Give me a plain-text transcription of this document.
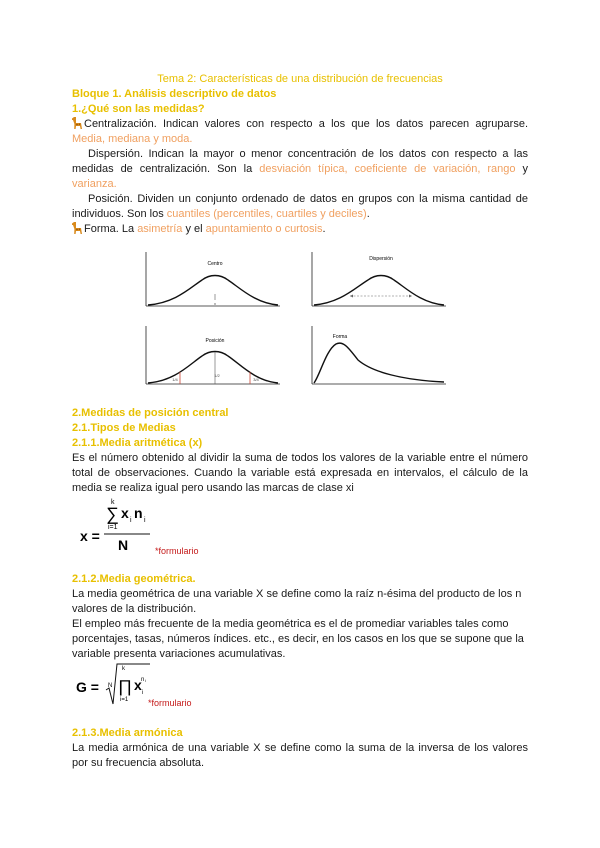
Tema 2: Características de una distribución de frecuencias
Bloque 1. Análisis descriptivo de datos
1.¿Qué son las medidas?
Centralización. Indican valores con respecto a los que los datos parecen agruparse. Media, mediana y moda.
Dispersión. Indican la mayor o menor concentración de los datos con respecto a las medidas de centralización. Son la desviación típica, coeficiente de variación, rango y varianza.
Posición. Dividen un conjunto ordenado de datos en grupos con la misma cantidad de individuos. Son los cuantiles (percentiles, cuartiles y deciles).
Forma. La asimetría y el apuntamiento o curtosis.
Centro
x
Dispersión
Posición
1/4
1/2
3/4
Forma
2.Medidas de posición central
2.1.Tipos de Medias
2.1.1.Media aritmética (x)
Es el número obtenido al dividir la suma de todos los valores de la variable entre el número total de observaciones. Cuando la variable está expresada en intervalos, el cálculo de la media se realiza igual pero usando las marcas de clase xi
x =
k
∑
i=1
x i n i
N	*formulario
2.1.2.Media geométrica.
La media geométrica de una variable X se define como la raíz n-ésima del producto de los n valores de la distribución.
El empleo más frecuente de la media geométrica es el de promediar variables tales como porcentajes, tasas, números índices. etc., es decir, en los casos en los que se supone que la variable presenta variaciones acumulativas.
G = N
k
∏
i=1
x i
n i
*formulario
2.1.3.Media armónica
La media armónica de una variable X se define como la suma de la inversa de los valores por su frecuencia absoluta.
